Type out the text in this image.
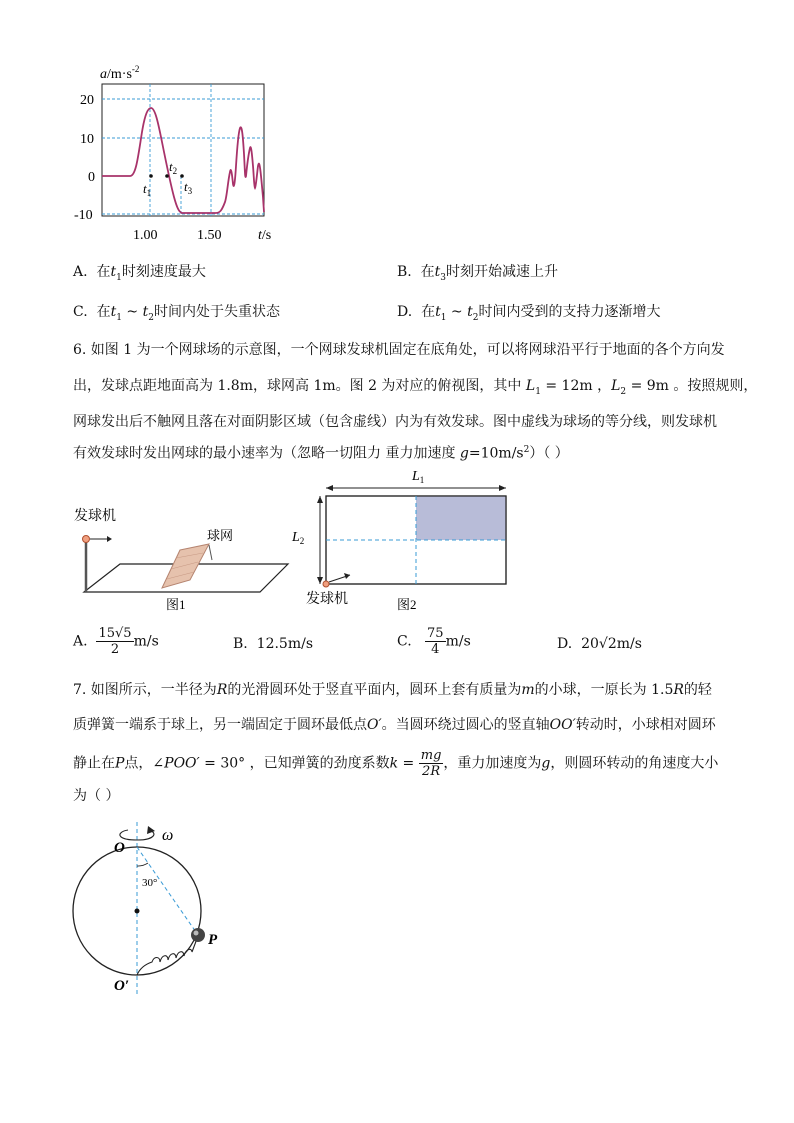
$a/m\cdot s^{-2}$
20
10
0
-10
1.00	1.50	t/s
$t_1$
$t_2$
$t_3$
A. 在$t_1$时刻速度最大	B. 在$t_3$时刻开始减速上升
C. 在$t_1$ ~ $t_2$时间内处于失重状态	D. 在$t_1$ ~ $t_2$时间内受到的支持力逐渐增大
6. 如图 1 为一个网球场的示意图，一个网球发球机固定在底角处，可以将网球沿平行于地面的各个方向发
出，发球点距地面高为 1.8m，球网高 1m。图 2 为对应的俯视图，其中 $L_1 = 12m$ ，$L_2 = 9m$ 。按照规则，
网球发出后不触网且落在对面阴影区域（包含虚线）内为有效发球。图中虚线为球场的等分线，则发球机
有效发球时发出网球的最小速率为（忽略一切阻力 重力加速度 $g=10m/s^2$）（ ）
发球机
球网
图1
$L_1$
$L_2$
发球机	图2
A. $\frac{15√5}{2} m/s$	B. 12.5m/s	C. $\frac{75}{4} m/s$	D. 20√2m/s
7. 如图所示，一半径为R的光滑圆环处于竖直平面内，圆环上套有质量为m的小球，一原长为 1.5R的轻
质弹簧一端系于球上，另一端固定于圆环最低点O′。当圆环绕过圆心的竖直轴OO′转动时，小球相对圆环
静止在P点，∠POO′ = 30° ，已知弹簧的劲度系数$k = \frac{mg}{2R}$ ，重力加速度为g，则圆环转动的角速度大小
为（ ）
ω
O
O′
30°
P
